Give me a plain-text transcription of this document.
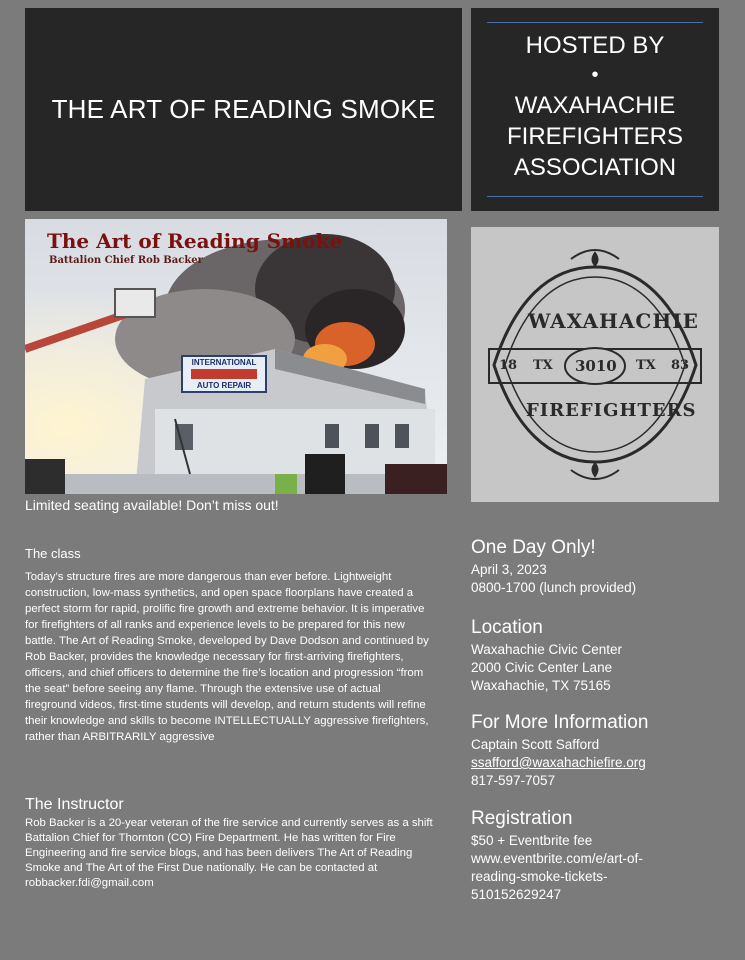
THE ART OF READING SMOKE
HOSTED BY
•
WAXAHACHIE
FIREFIGHTERS
ASSOCIATION
The Art of Reading Smoke
Battalion Chief Rob Backer
INTERNATIONAL
AUTO REPAIR
WAXAHACHIE
18 TX 3010 TX 83
FIREFIGHTERS
Limited seating available! Don’t miss out!
The class

Today’s structure fires are more dangerous than ever before. Lightweight construction, low-mass synthetics, and open space floorplans have created a perfect storm for rapid, prolific fire growth and extreme behavior. It is imperative for firefighters of all ranks and experience levels to be prepared for this new battle. The Art of Reading Smoke, developed by Dave Dodson and continued by Rob Backer, provides the knowledge necessary for first-arriving firefighters, officers, and chief officers to determine the fire’s location and progression “from the seat” before seeing any flame. Through the extensive use of actual fireground videos, first-time students will develop, and return students will refine their knowledge and skills to become INTELLECTUALLY aggressive firefighters, rather than ARBITRARILY aggressive

The Instructor

Rob Backer is a 20-year veteran of the fire service and currently serves as a shift Battalion Chief for Thornton (CO) Fire Department. He has written for Fire Engineering and fire service blogs, and has been delivers The Art of Reading Smoke and The Art of the First Due nationally. He can be contacted at robbacker.fdi@gmail.com

One Day Only!

April 3, 2023

0800-1700 (lunch provided)

Location

Waxahachie Civic Center

2000 Civic Center Lane

Waxahachie, TX 75165

For More Information

Captain Scott Safford

ssafford@waxahachiefire.org

817-597-7057

Registration

$50 + Eventbrite fee

www.eventbrite.com/e/art-of-

reading-smoke-tickets-

510152629247
